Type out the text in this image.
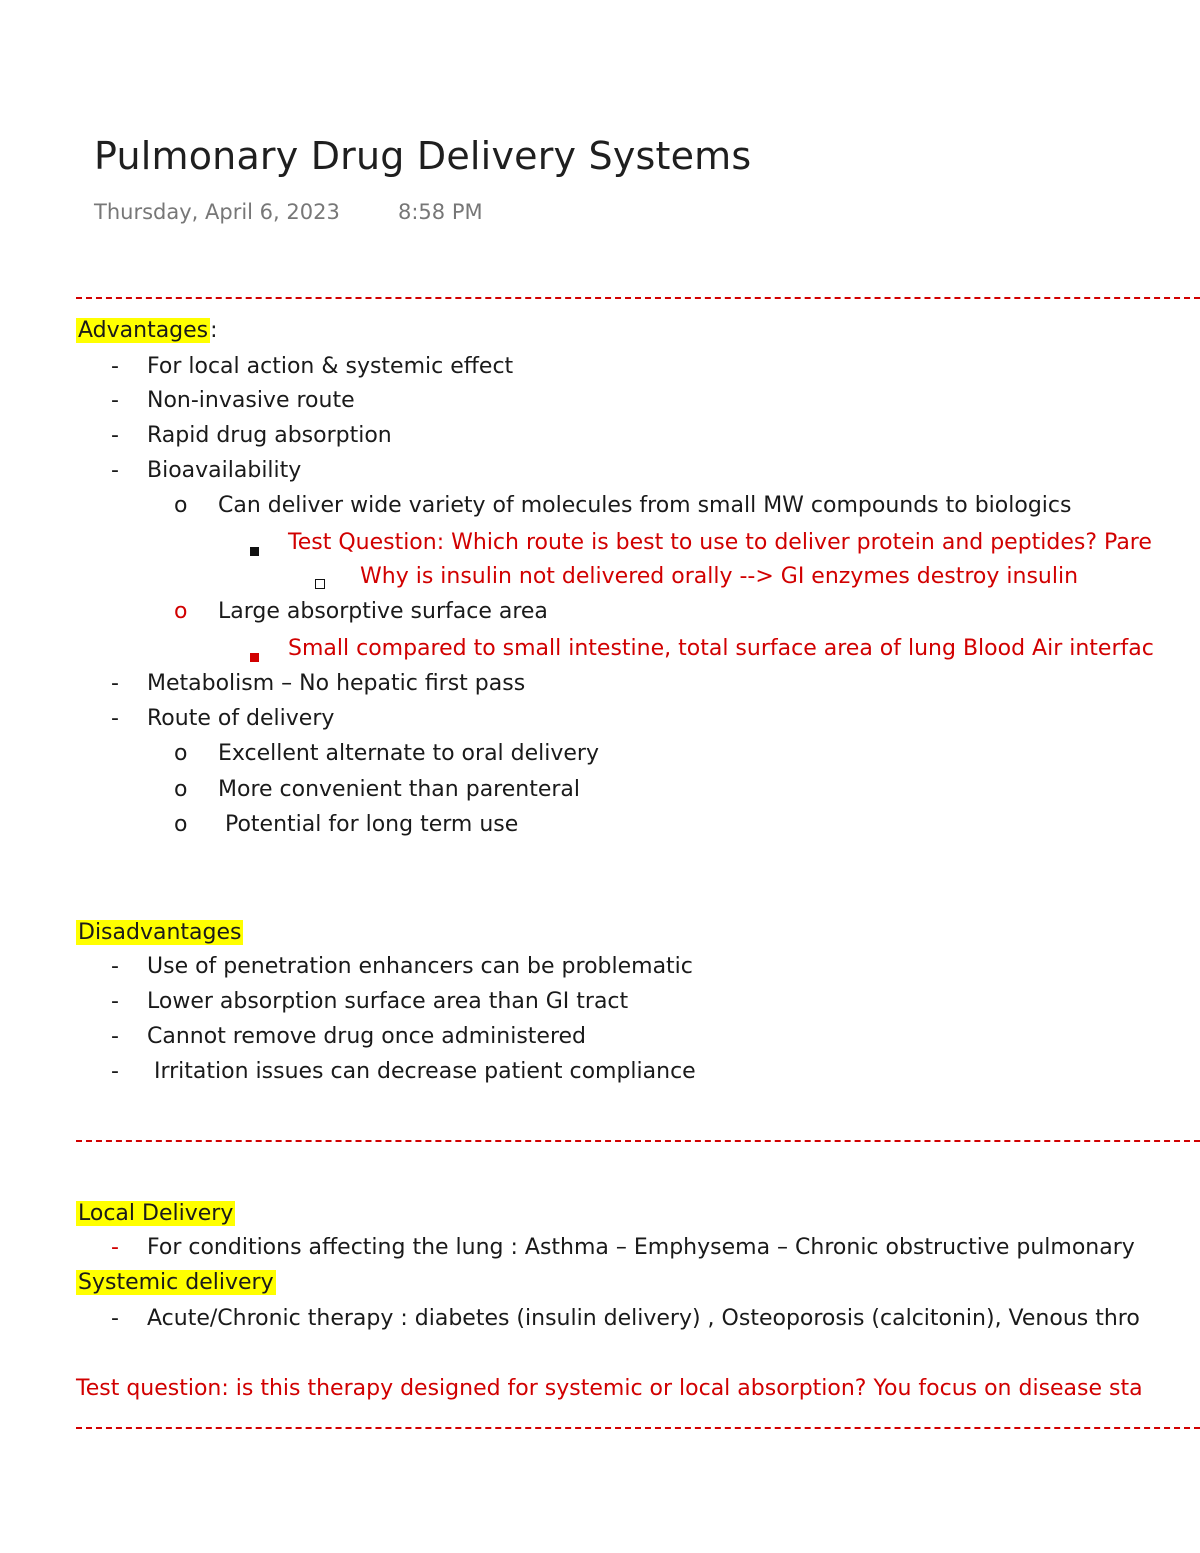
Pulmonary Drug Delivery Systems
Thursday, April 6, 2023	8:58 PM
Advantages:
- For local action & systemic effect
- Non-invasive route
- Rapid drug absorption
- Bioavailability
o Can deliver wide variety of molecules from small MW compounds to biologics
Test Question: Which route is best to use to deliver protein and peptides? Pare
Why is insulin not delivered orally --> GI enzymes destroy insulin
o Large absorptive surface area
Small compared to small intestine, total surface area of lung Blood Air interfac
- Metabolism – No hepatic first pass
- Route of delivery
o Excellent alternate to oral delivery
o More convenient than parenteral
o Potential for long term use
Disadvantages
- Use of penetration enhancers can be problematic
- Lower absorption surface area than GI tract
- Cannot remove drug once administered
- Irritation issues can decrease patient compliance
Local Delivery
- For conditions affecting the lung : Asthma – Emphysema – Chronic obstructive pulmonary
Systemic delivery
- Acute/Chronic therapy : diabetes (insulin delivery) , Osteoporosis (calcitonin), Venous thro
Test question: is this therapy designed for systemic or local absorption? You focus on disease sta
